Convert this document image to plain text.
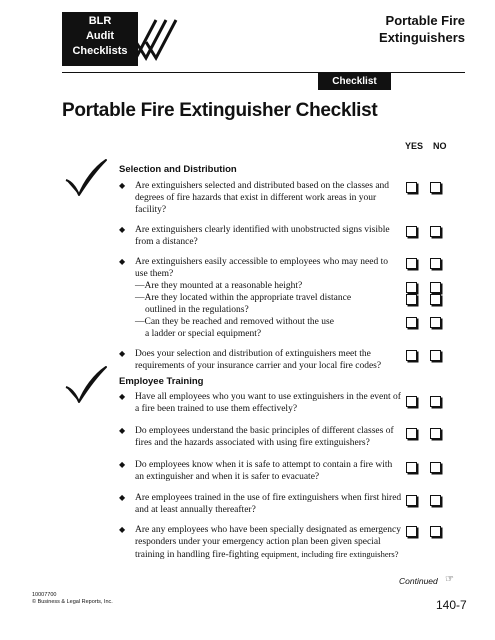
BLR
Audit
Checklists
Portable Fire
Extinguishers
Checklist
Portable Fire Extinguisher Checklist
YES NO
Selection and Distribution
◆ Are extinguishers selected and distributed based on the classes and degrees of fire hazards that exist in different work areas in your facility?
◆ Are extinguishers clearly identified with unobstructed signs visible from a distance?
◆ Are extinguishers easily accessible to employees who may need to use them?
—Are they mounted at a reasonable height?
—Are they located within the appropriate travel distance
outlined in the regulations?
—Can they be reached and removed without the use
a ladder or special equipment?
◆ Does your selection and distribution of extinguishers meet the requirements of your insurance carrier and your local fire codes?
Employee Training
◆ Have all employees who you want to use extinguishers in the event of a fire been trained to use them effectively?
◆ Do employees understand the basic principles of different classes of fires and the hazards associated with using fire extinguishers?
◆ Do employees know when it is safe to attempt to contain a fire with an extinguisher and when it is safer to evacuate?
◆ Are employees trained in the use of fire extinguishers when first hired and at least annually thereafter?
◆ Are any employees who have been specially designated as emergency responders under your emergency action plan been given special training in handling fire-fighting equipment, including fire extinguishers?
Continued ☞
10007700
© Business & Legal Reports, Inc.	140-7
